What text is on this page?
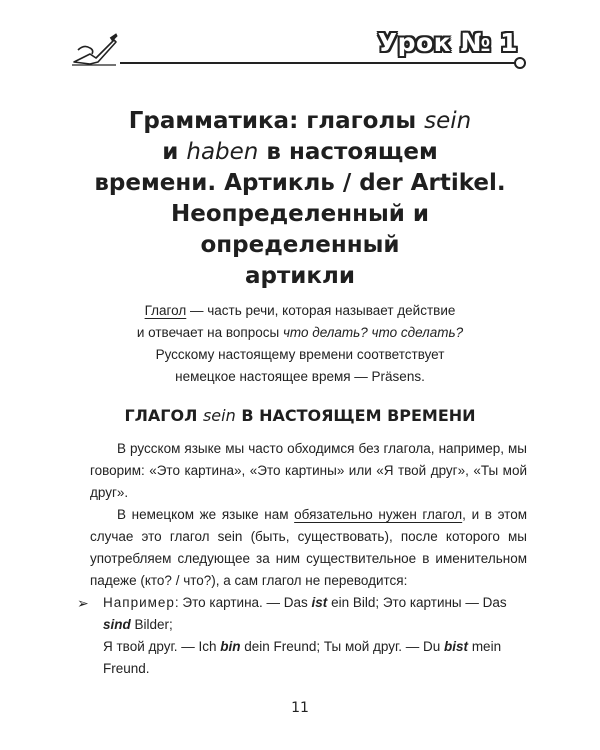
Урок № 1
Грамматика: глаголы sein
и haben в настоящем
времени. Артикль / der Artikel.
Неопределенный и определенный
артикли
Глагол — часть речи, которая называет действие
и отвечает на вопросы что делать? что сделать?
Русскому настоящему времени соответствует
немецкое настоящее время — Präsens.
ГЛАГОЛ sein В НАСТОЯЩЕМ ВРЕМЕНИ

В русском языке мы часто обходимся без глагола, например, мы говорим: «Это картина», «Это картины» или «Я твой друг», «Ты мой друг».

В немецком же языке нам обязательно нужен глагол, и в этом случае это глагол sein (быть, существовать), после которого мы употребляем следующее за ним существительное в именительном падеже (кто? / что?), а сам глагол не переводится:

➢ Например: Это картина. — Das ist ein Bild; Это картины — Das sind Bilder;

Я твой друг. — Ich bin dein Freund; Ты мой друг. — Du bist mein Freund.

11
